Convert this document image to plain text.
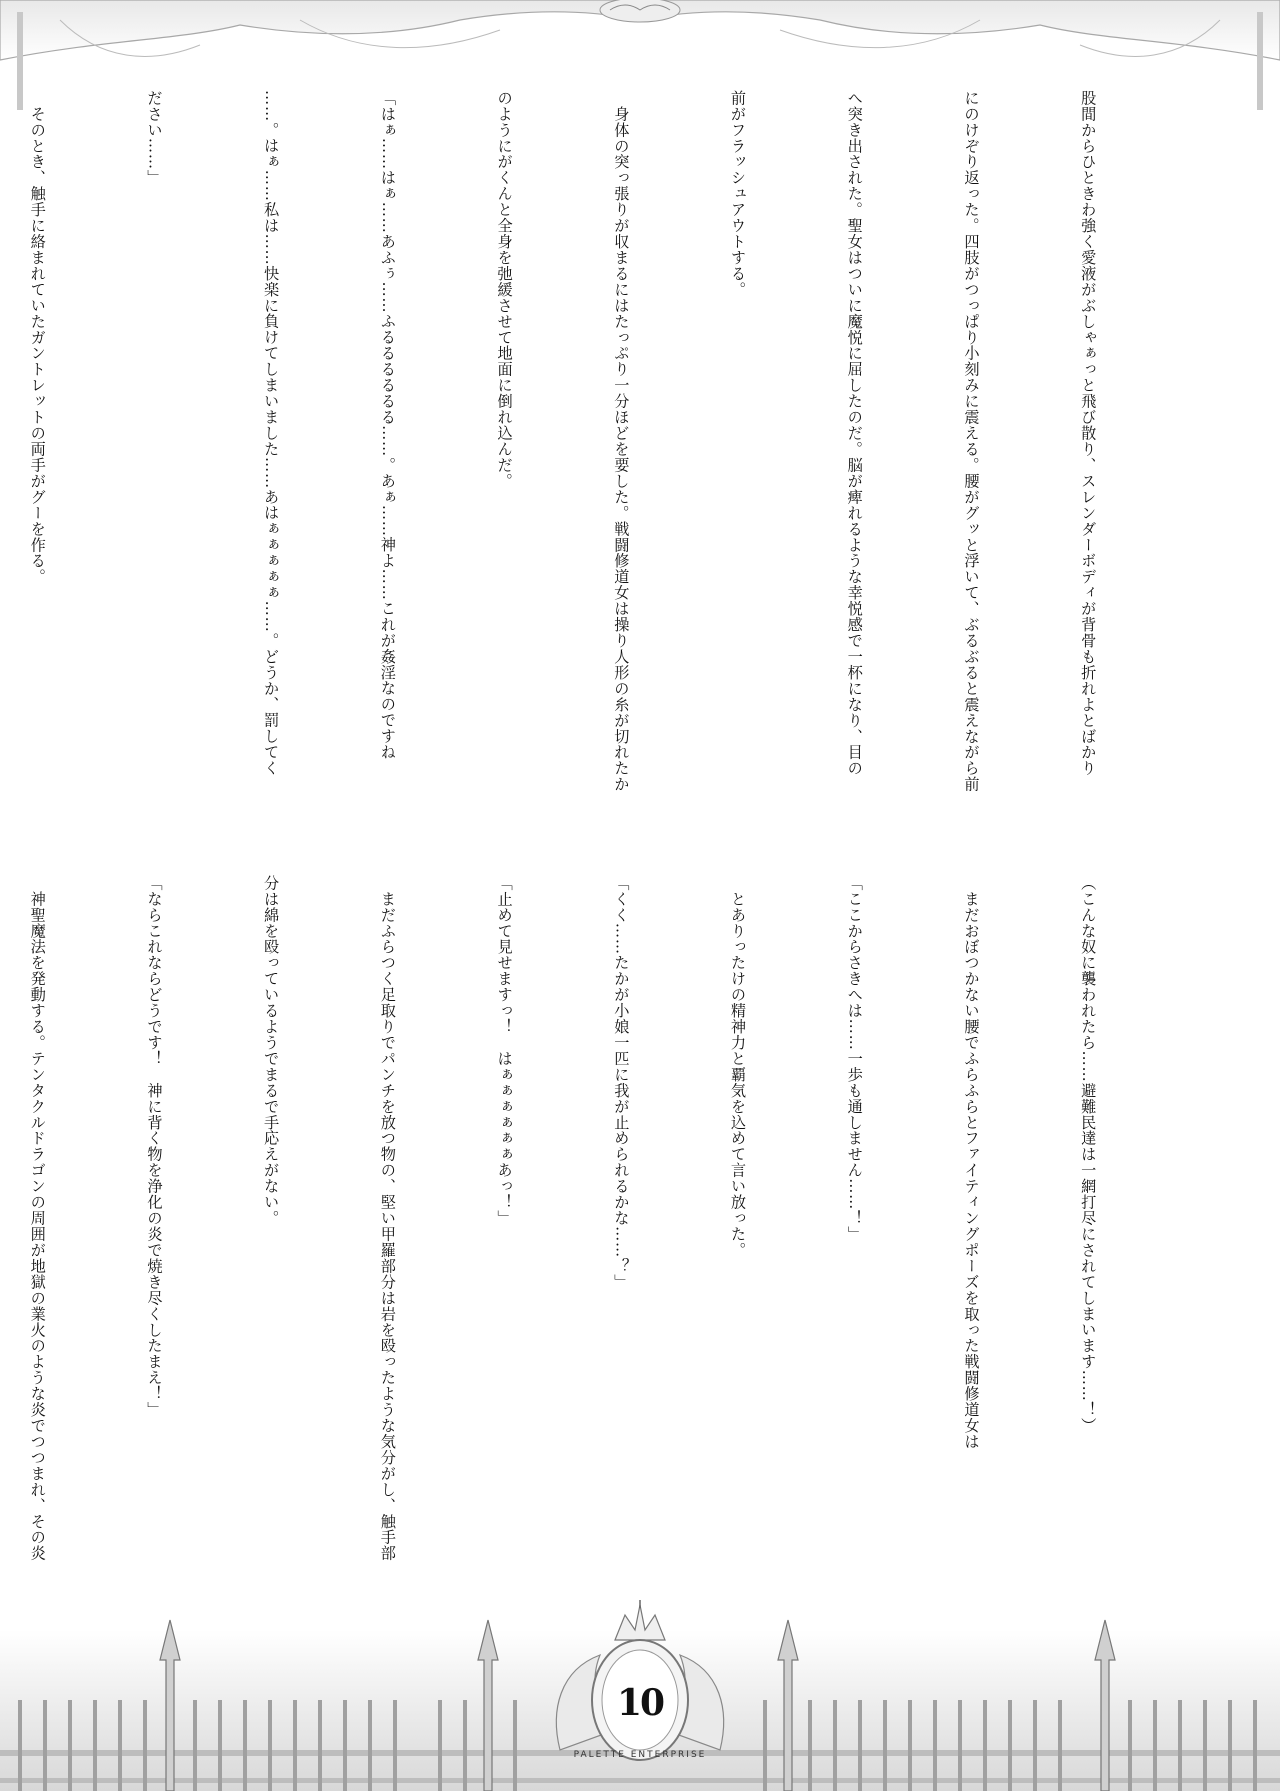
股間からひときわ強く愛液がぶしゃぁっと飛び散り、スレンダーボディが背骨も折れよとばかり

にのけぞり返った。四肢がつっぱり小刻みに震える。腰がグッと浮いて、ぶるぶると震えながら前

へ突き出された。聖女はついに魔悦に屈したのだ。脳が痺れるような幸悦感で一杯になり、目の

前がフラッシュアウトする。

　身体の突っ張りが収まるにはたっぷり一分ほどを要した。戦闘修道女は操り人形の糸が切れたか

のようにがくんと全身を弛緩させて地面に倒れ込んだ。

「はぁ……はぁ……あふぅ……ふるるるるるる……。あぁ……神よ……これが姦淫なのですね

……。はぁ……私は……快楽に負けてしまいました……あはぁぁぁぁぁ……。どうか、罰してく

ださい……」

　そのとき、触手に絡まれていたガントレットの両手がグーを作る。

（こんな奴に襲われたら……避難民達は一網打尽にされてしまいます……！）

　まだおぼつかない腰でふらふらとファイティングポーズを取った戦闘修道女は

「ここからさきへは……一歩も通しません……！」

　とありったけの精神力と覇気を込めて言い放った。

「くく……たかが小娘一匹に我が止められるかな……？」

「止めて見せますっ！　はぁぁぁぁぁぁあっ！」

　まだふらつく足取りでパンチを放つ物の、堅い甲羅部分は岩を殴ったような気分がし、触手部

分は綿を殴っているようでまるで手応えがない。

「ならこれならどうです！　神に背く物を浄化の炎で焼き尽くしたまえ！」

　神聖魔法を発動する。テンタクルドラゴンの周囲が地獄の業火のような炎でつつまれ、その炎

10
PALETTE ENTERPRISE
